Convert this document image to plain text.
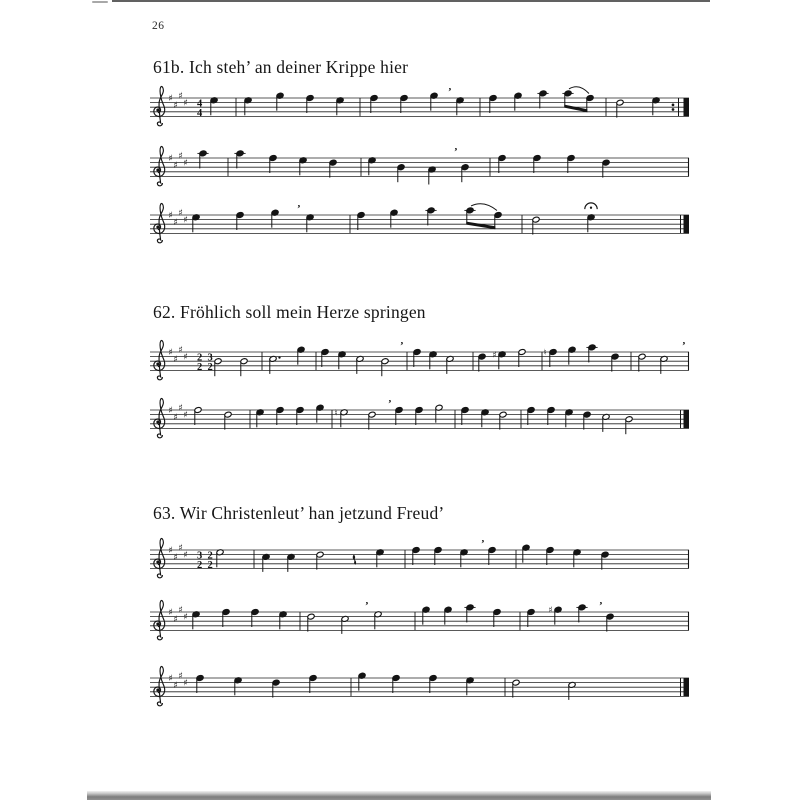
26
61b. Ich steh’ an deiner Krippe hier
♯
♯
♯
♯ 4
4
’
♯
♯
♯
♯
’
♯
♯
♯
♯
’
62. Fröhlich soll mein Herze springen
♯
♯
♯
♯ 2
2
3
2
’
♯	♮
’
♯
♯
♯
♯	♮
’
63. Wir Christenleut’ han jetzund Freud’
♯
♯
♯
♯ 3
2
2
2
’
♯
♯
♯
♯
’	♯	’
♯
♯
♯
♯
